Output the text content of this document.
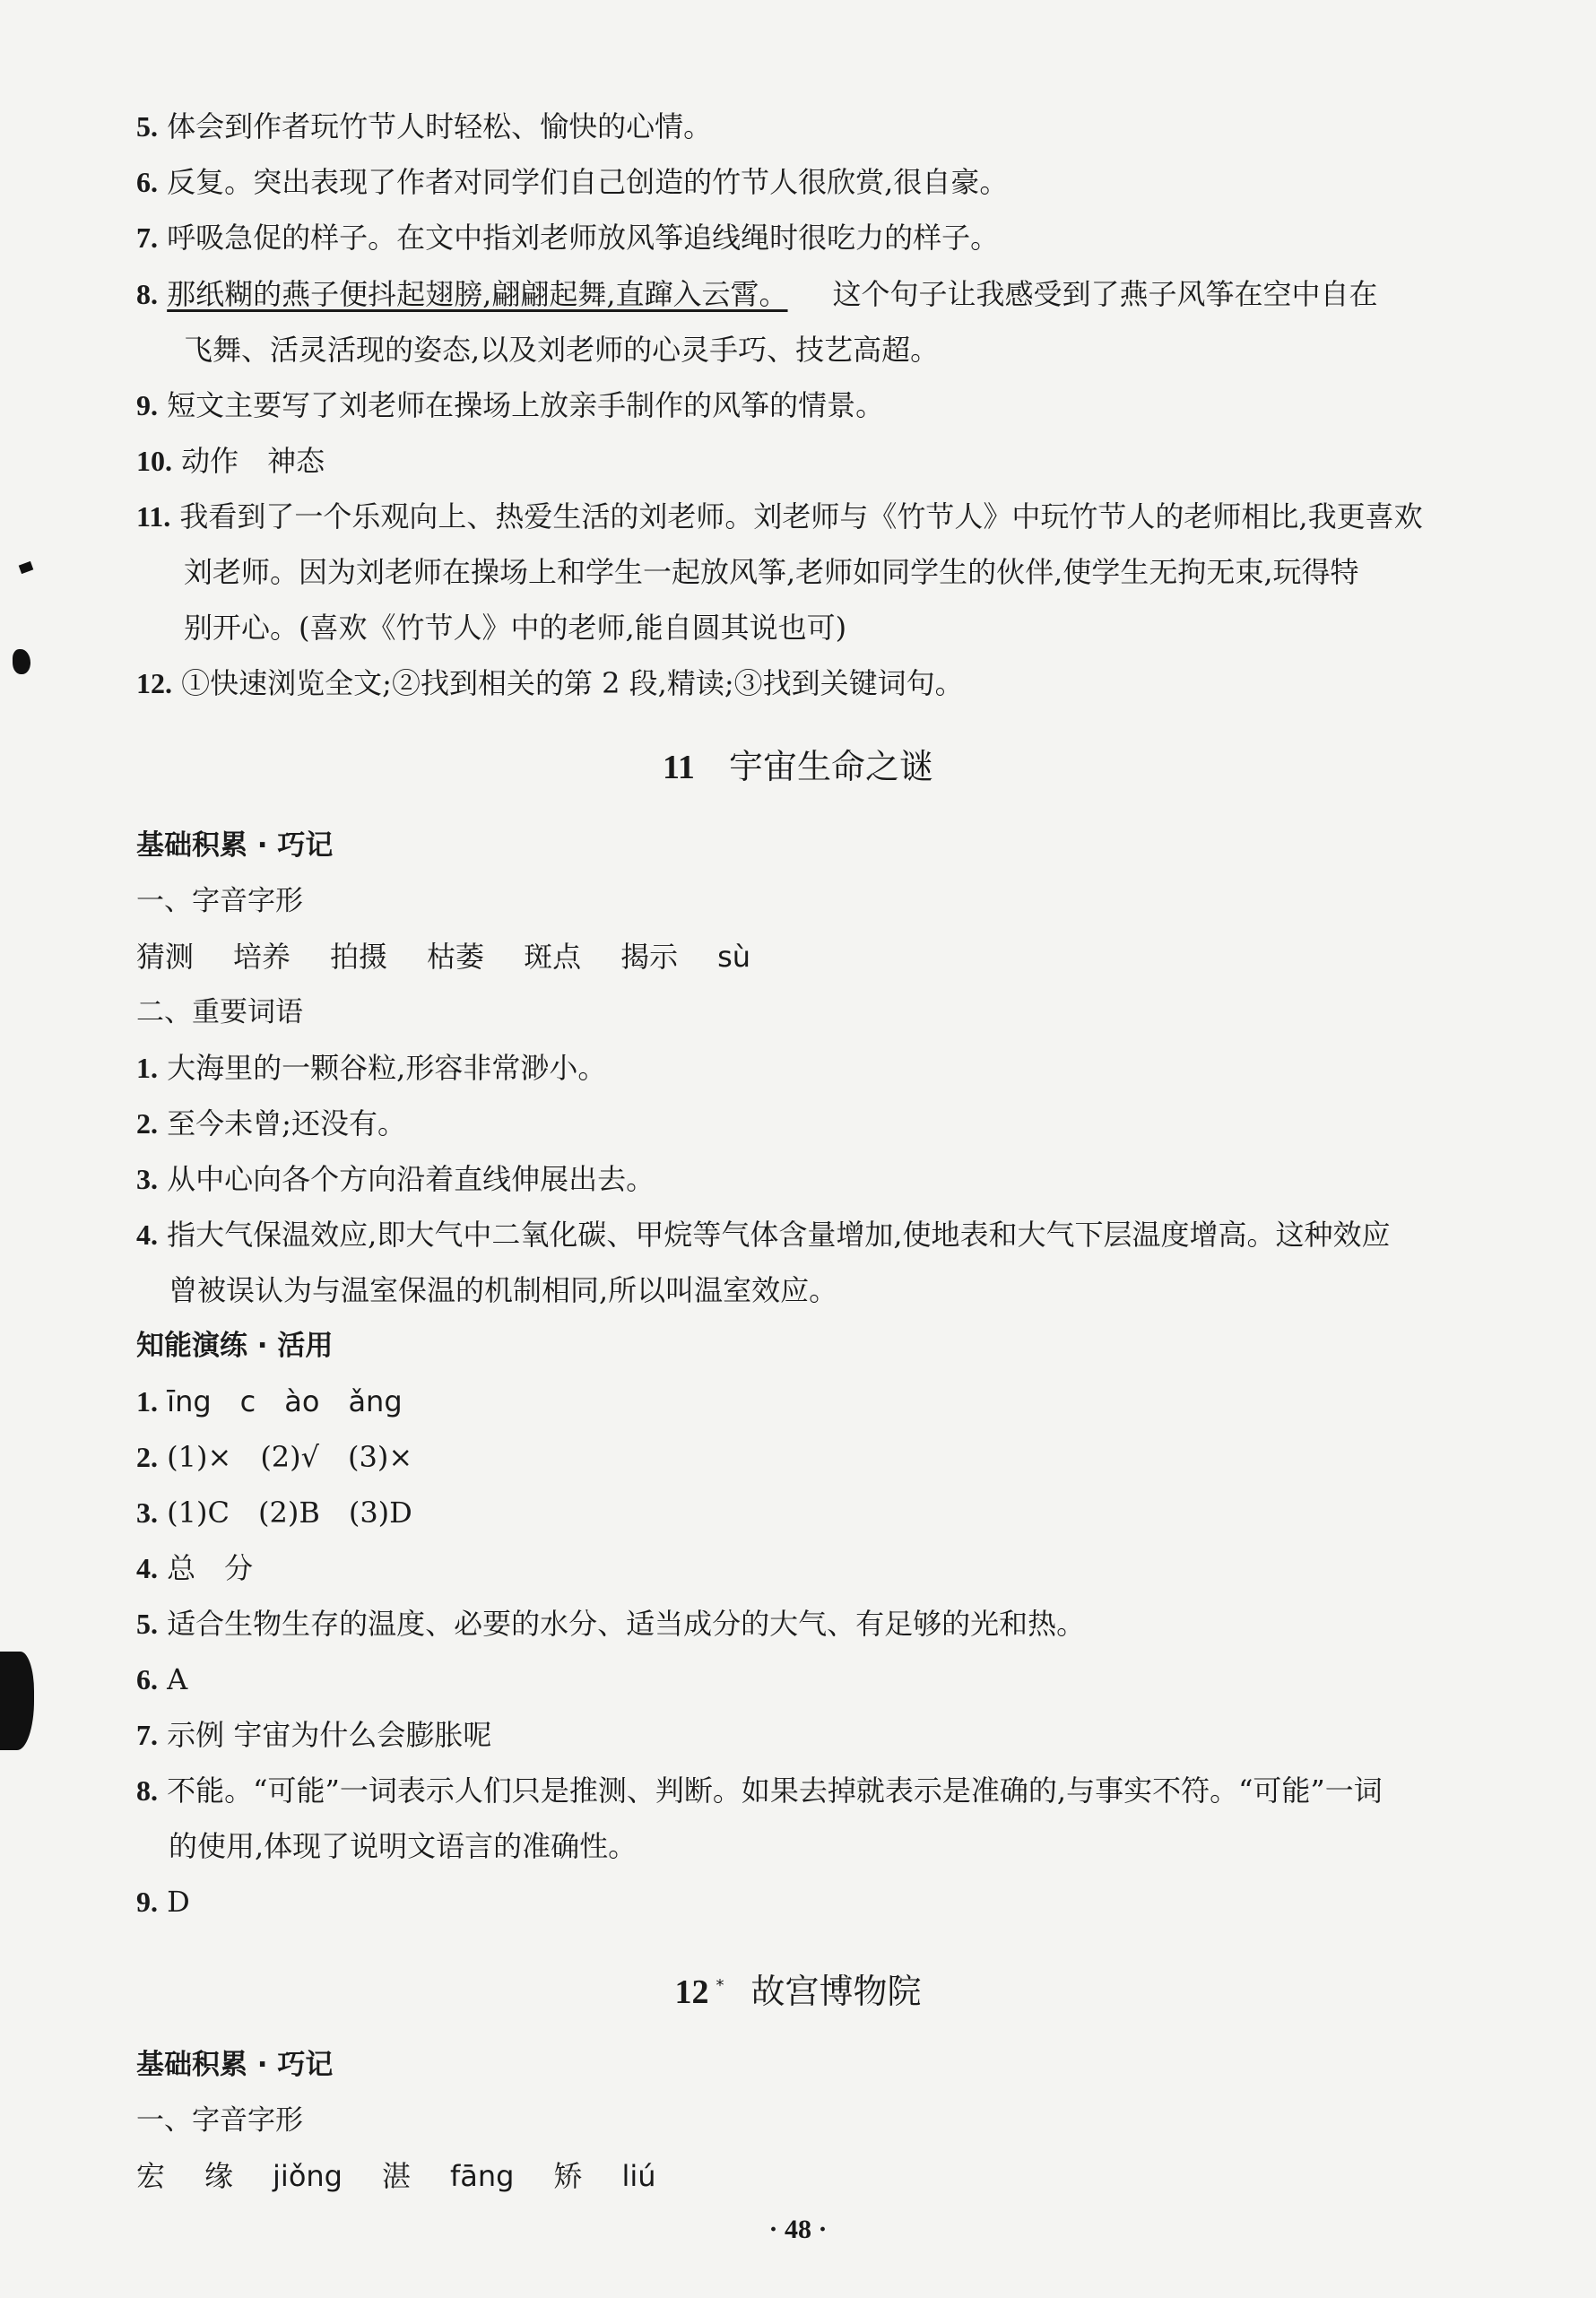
5. 体会到作者玩竹节人时轻松、愉快的心情。
6. 反复。突出表现了作者对同学们自己创造的竹节人很欣赏,很自豪。
7. 呼吸急促的样子。在文中指刘老师放风筝追线绳时很吃力的样子。
8. 那纸糊的燕子便抖起翅膀,翩翩起舞,直蹿入云霄。 这个句子让我感受到了燕子风筝在空中自在
飞舞、活灵活现的姿态,以及刘老师的心灵手巧、技艺高超。
9. 短文主要写了刘老师在操场上放亲手制作的风筝的情景。
10. 动作　神态
11. 我看到了一个乐观向上、热爱生活的刘老师。刘老师与《竹节人》中玩竹节人的老师相比,我更喜欢
刘老师。因为刘老师在操场上和学生一起放风筝,老师如同学生的伙伴,使学生无拘无束,玩得特
别开心。(喜欢《竹节人》中的老师,能自圆其说也可)
12. ①快速浏览全文;②找到相关的第 2 段,精读;③找到关键词句。
11 宇宙生命之谜
基础积累 · 巧记
一、字音字形
猜测 培养 拍摄 枯萎 斑点 揭示 sù
二、重要词语
1. 大海里的一颗谷粒,形容非常渺小。
2. 至今未曾;还没有。
3. 从中心向各个方向沿着直线伸展出去。
4. 指大气保温效应,即大气中二氧化碳、甲烷等气体含量增加,使地表和大气下层温度增高。这种效应
曾被误认为与温室保温的机制相同,所以叫温室效应。
知能演练 · 活用
1. īng　c　ào　ǎng
2. (1)×　(2)√　(3)×
3. (1)C　(2)B　(3)D
4. 总　分
5. 适合生物生存的温度、必要的水分、适当成分的大气、有足够的光和热。
6. A
7. 示例 宇宙为什么会膨胀呢
8. 不能。“可能”一词表示人们只是推测、判断。如果去掉就表示是准确的,与事实不符。“可能”一词
的使用,体现了说明文语言的准确性。
9. D
12 * 故宫博物院
基础积累 · 巧记
一、字音字形
宏 缘 jiǒng 湛 fāng 矫 liú
· 48 ·
